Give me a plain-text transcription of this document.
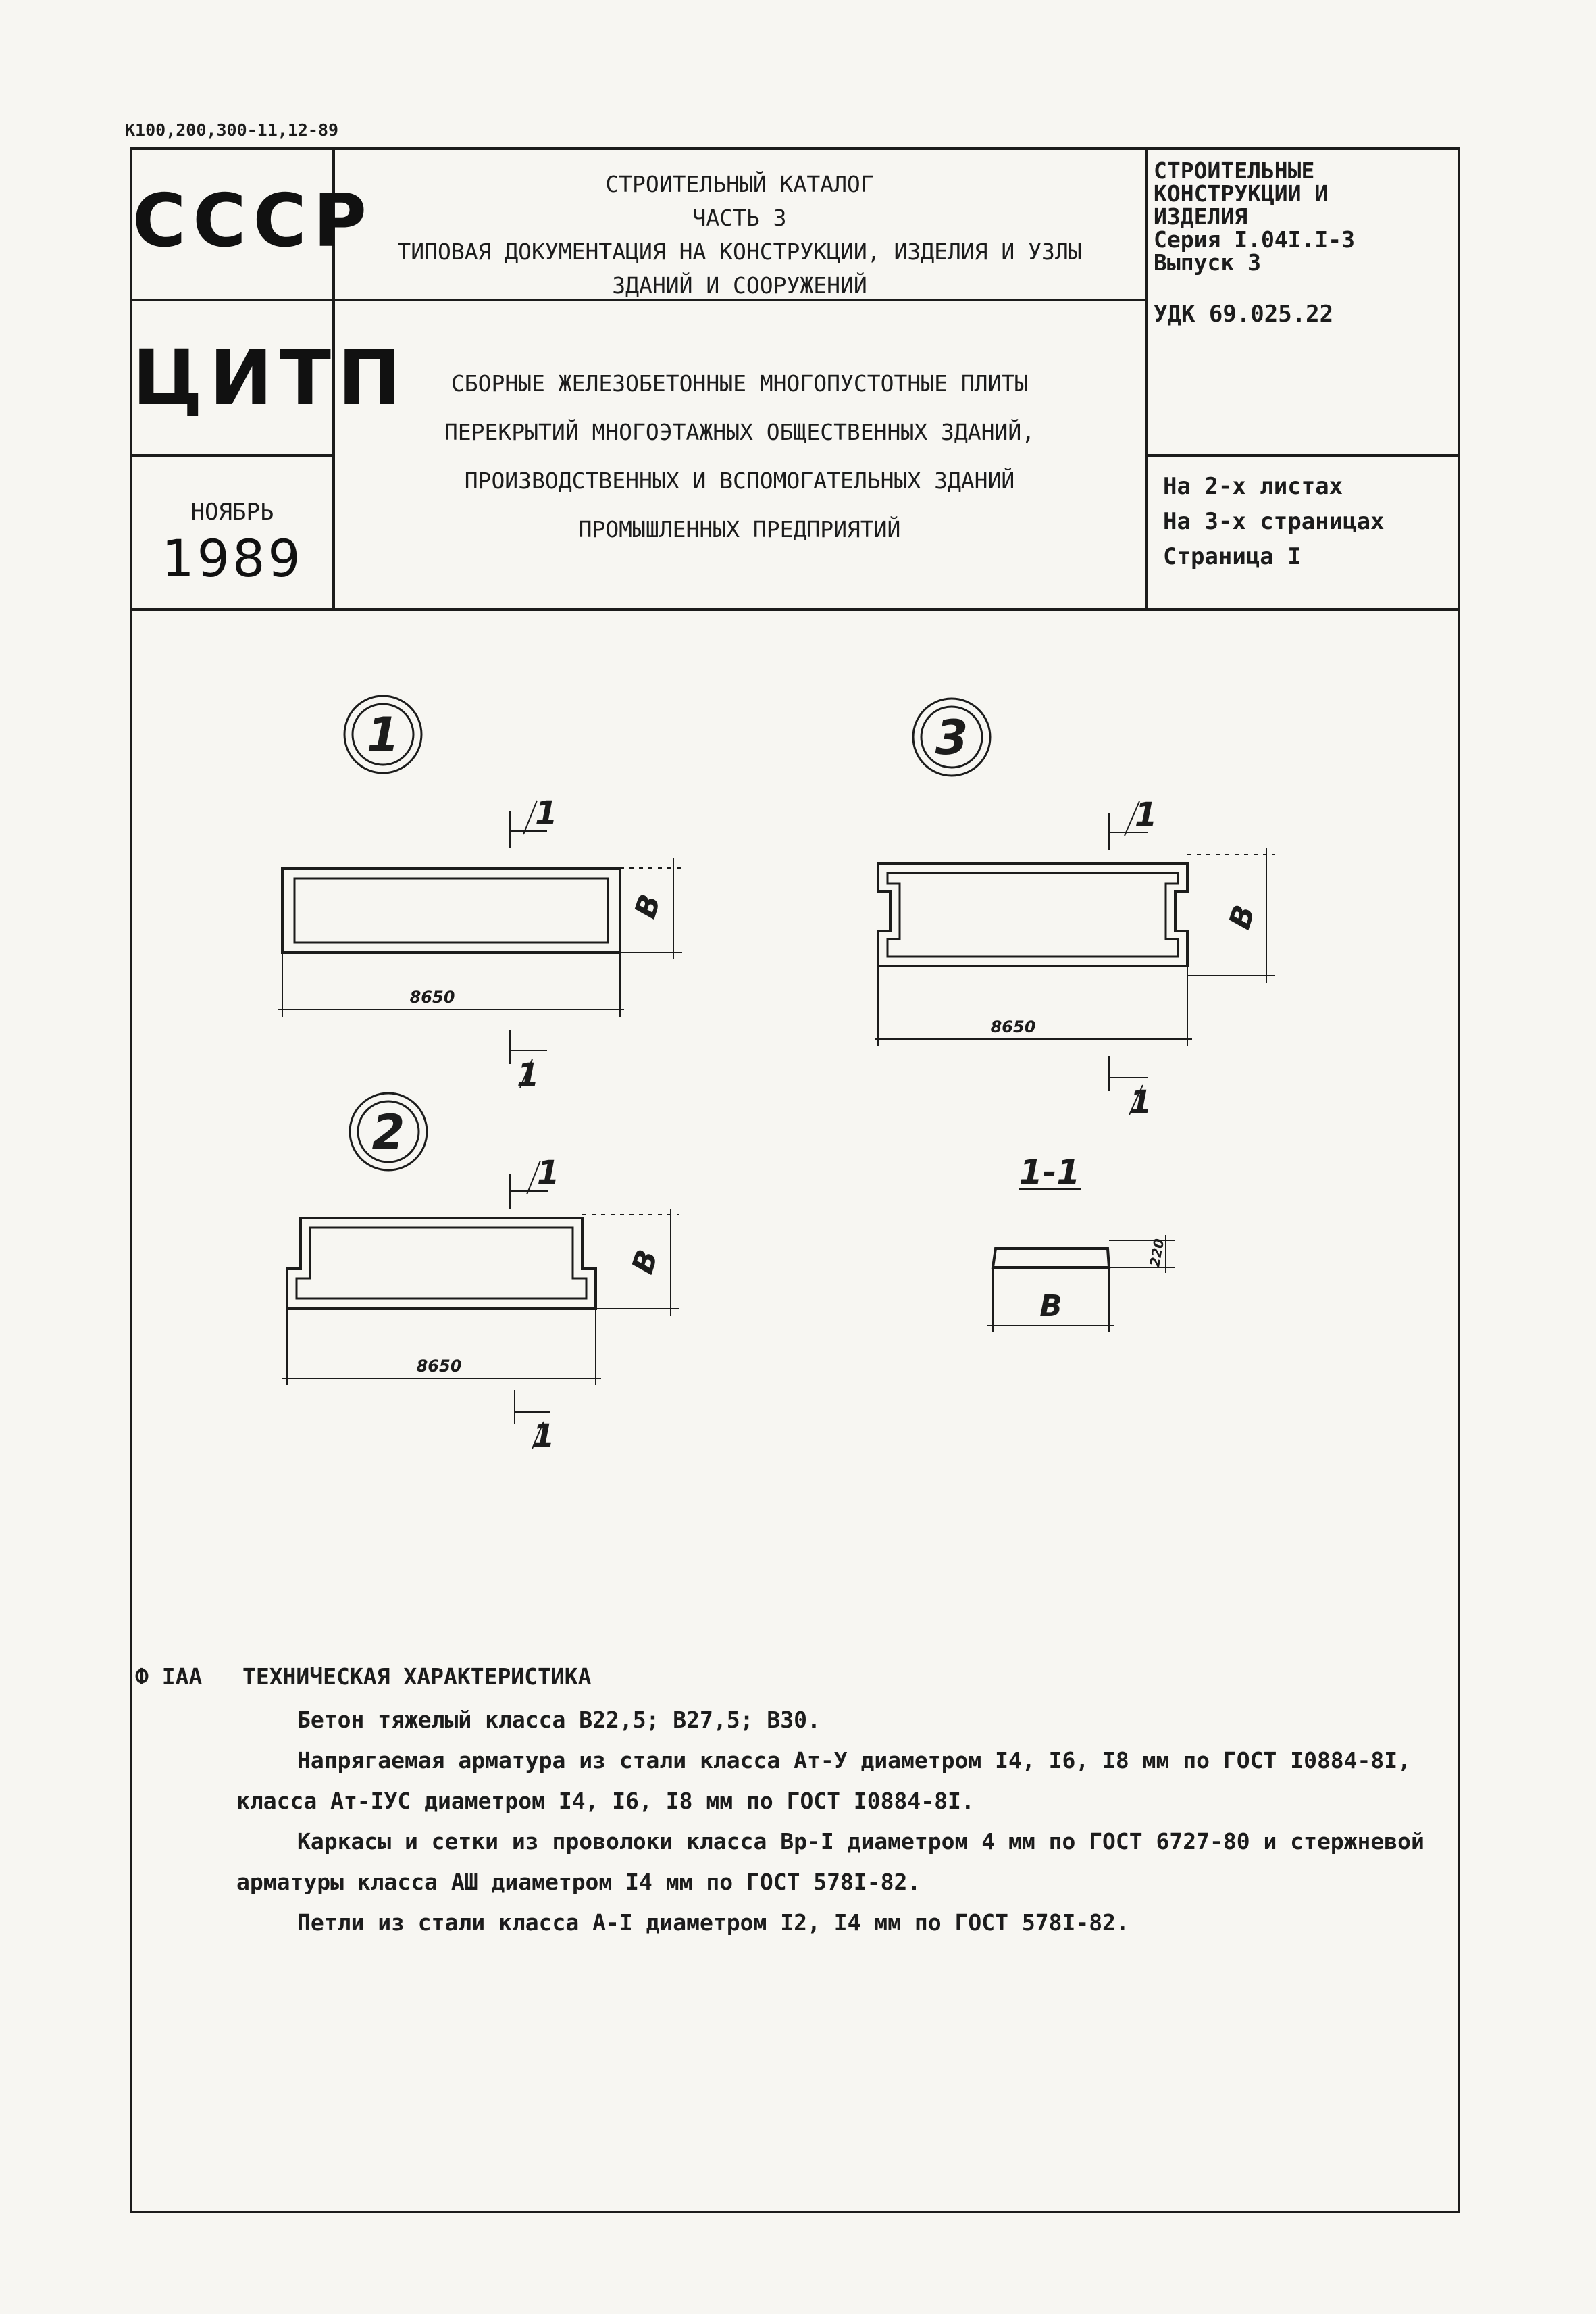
К100,200,300-11,12-89
СССР
ЦИТП
НОЯБРЬ
1989
СТРОИТЕЛЬНЫЙ КАТАЛОГ
ЧАСТЬ 3
ТИПОВАЯ ДОКУМЕНТАЦИЯ НА КОНСТРУКЦИИ, ИЗДЕЛИЯ И УЗЛЫ
ЗДАНИЙ И СООРУЖЕНИЙ
СБОРНЫЕ ЖЕЛЕЗОБЕТОННЫЕ МНОГОПУСТОТНЫЕ ПЛИТЫ
ПЕРЕКРЫТИЙ МНОГОЭТАЖНЫХ ОБЩЕСТВЕННЫХ ЗДАНИЙ,
ПРОИЗВОДСТВЕННЫХ И ВСПОМОГАТЕЛЬНЫХ ЗДАНИЙ
ПРОМЫШЛЕННЫХ ПРЕДПРИЯТИЙ
СТРОИТЕЛЬНЫЕ
КОНСТРУКЦИИ И
ИЗДЕЛИЯ
Серия I.04I.I-3
Выпуск 3
УДК 69.025.22
На 2-х листах
На 3-х страницах
Страница I
1	3
2
1
1
1
1
1
1
1-1
8650
8650
8650
В	В
В
В
220

Ф IАА ТЕХНИЧЕСКАЯ ХАРАКТЕРИСТИКА

Бетон тяжелый класса В22,5; В27,5; В30.

Напрягаемая арматура из стали класса Ат-У диаметром I4, I6, I8 мм по ГОСТ I0884-8I,

класса Ат-IУС диаметром I4, I6, I8 мм по ГОСТ I0884-8I.

Каркасы и сетки из проволоки класса Вр-I диаметром 4 мм по ГОСТ 6727-80 и стержневой

арматуры класса АШ диаметром I4 мм по ГОСТ 578I-82.

Петли из стали класса А-I диаметром I2, I4 мм по ГОСТ 578I-82.
